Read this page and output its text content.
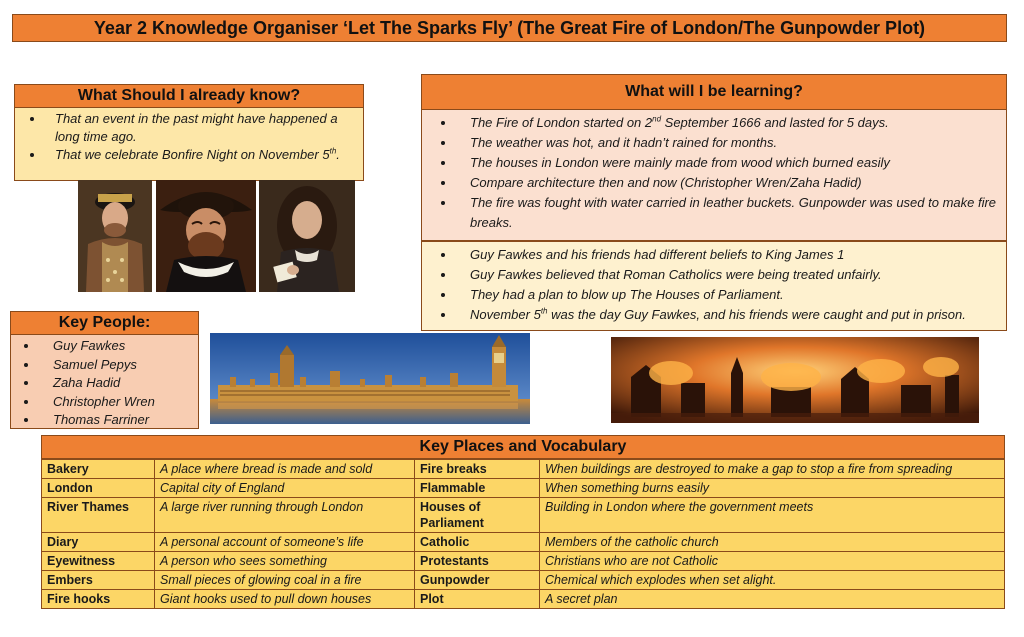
Year 2 Knowledge Organiser ‘Let The Sparks Fly’ (The Great Fire of London/The Gunpowder Plot)
What Should I already know?
• That an event in the past might have happened a long time ago.
• That we celebrate Bonfire Night on November 5th.
What will I be learning?
• The Fire of London started on 2nd September 1666 and lasted for 5 days.
• The weather was hot, and it hadn’t rained for months.
• The houses in London were mainly made from wood which burned easily
• Compare architecture then and now (Christopher Wren/Zaha Hadid)
• The fire was fought with water carried in leather buckets. Gunpowder was used to make fire breaks.
• Guy Fawkes and his friends had different beliefs to King James 1
• Guy Fawkes believed that Roman Catholics were being treated unfairly.
• They had a plan to blow up The Houses of Parliament.
• November 5th was the day Guy Fawkes, and his friends were caught and put in prison.
Key People:
• Guy Fawkes
• Samuel Pepys
• Zaha Hadid
• Christopher Wren
• Thomas Farriner
Key Places and Vocabulary
Bakery	A place where bread is made and sold	Fire breaks	When buildings are destroyed to make a gap to stop a fire from spreading
London	Capital city of England	Flammable	When something burns easily
River Thames	A large river running through London	Houses of Parliament	Building in London where the government meets
Diary	A personal account of someone’s life	Catholic	Members of the catholic church
Eyewitness	A person who sees something	Protestants	Christians who are not Catholic
Embers	Small pieces of glowing coal in a fire	Gunpowder	Chemical which explodes when set alight.
Fire hooks	Giant hooks used to pull down houses	Plot	A secret plan
